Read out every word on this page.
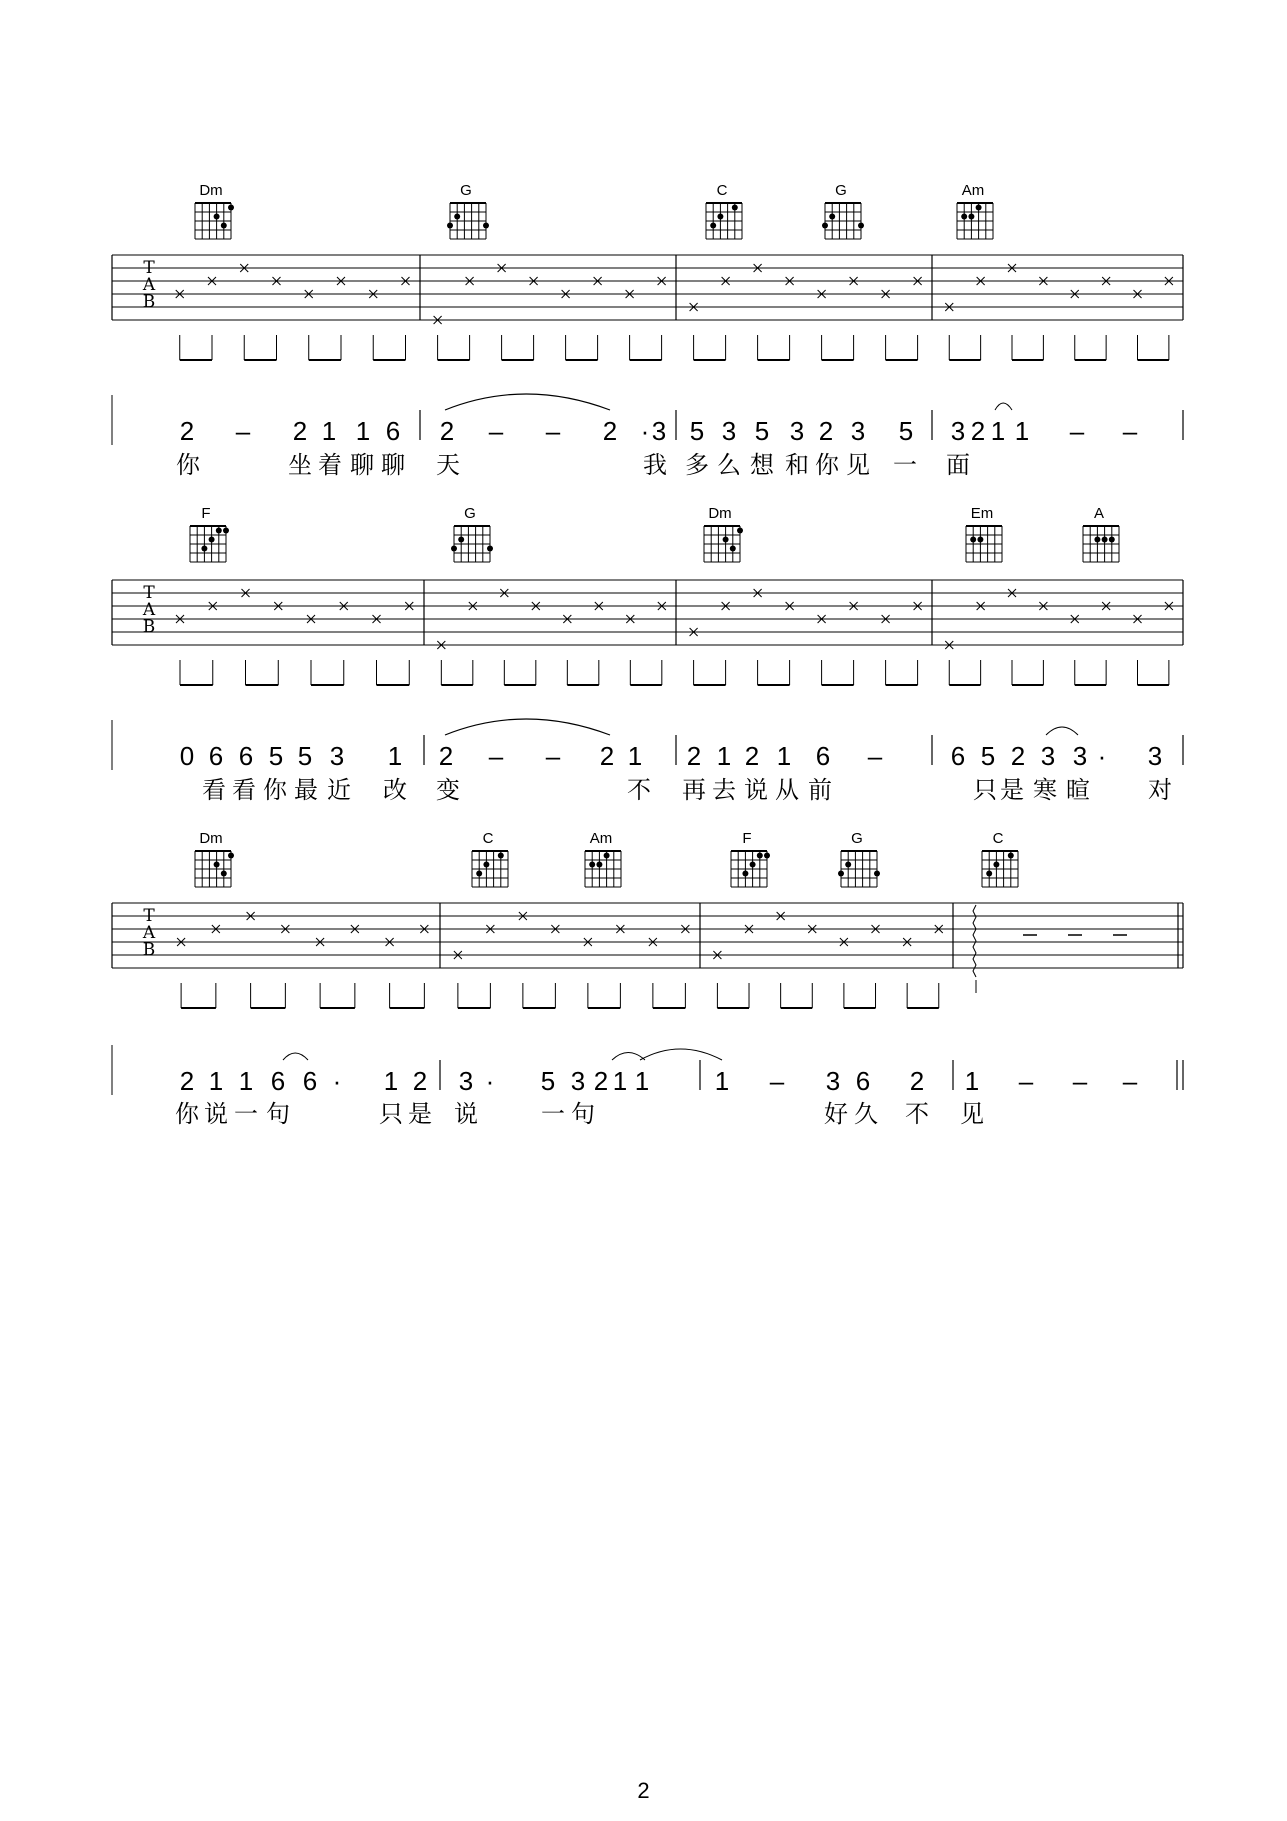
Dm	G	C	G	Am
T
A
B
2 – 2 1 1 6 2 – – 2 · 3 5 3 5 3 2 3 5 3 2 1 1 – –
你	坐 着 聊 聊 天	我 多 么 想 和 你 见 一 面
F	G	Dm	Em	A
T
A
B
0 6 6 5 5 3 1 2 – – 2 1 2 1 2 1 6 –	6 5 2 3 3 · 3
看 看 你 最 近 改 变	不 再 去 说 从 前	只 是 寒 暄 对
Dm	C	Am	F	G	C
T
A
B
2 1 1 6 6 · 1 2 3 · 5 3 2 1 1	1 – 3 6 2 1 – – –
你 说 一 句	只 是 说	一 句	好 久 不 见
2
